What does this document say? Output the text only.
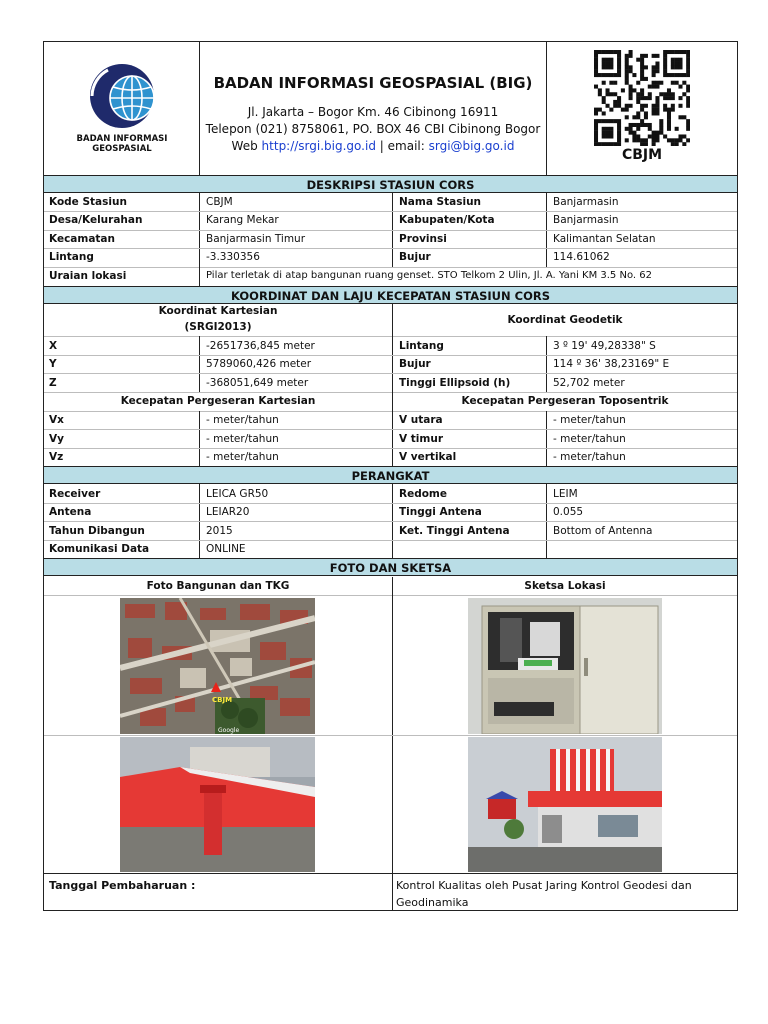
BADAN INFORMASI
GEOSPASIAL
BADAN INFORMASI GEOSPASIAL (BIG)
Jl. Jakarta – Bogor Km. 46 Cibinong 16911
Telepon (021) 8758061, PO. BOX 46 CBI Cibinong Bogor
Web http://srgi.big.go.id | email: srgi@big.go.id
CBJM
DESKRIPSI STASIUN CORS
Kode Stasiun	CBJM	Nama Stasiun	Banjarmasin
Desa/Kelurahan	Karang Mekar	Kabupaten/Kota	Banjarmasin
Kecamatan	Banjarmasin Timur	Provinsi	Kalimantan Selatan
Lintang	-3.330356	Bujur	114.61062
Uraian lokasi	Pilar terletak di atap bangunan ruang genset. STO Telkom 2 Ulin, Jl. A. Yani KM 3.5 No. 62
KOORDINAT DAN LAJU KECEPATAN STASIUN CORS
Koordinat Kartesian
(SRGI2013)
Koordinat Geodetik
X	-2651736,845 meter	Lintang	3 º 19' 49,28338" S
Y	5789060,426 meter	Bujur	114 º 36' 38,23169" E
Z	-368051,649 meter	Tinggi Ellipsoid (h)	52,702 meter
Kecepatan Pergeseran Kartesian	Kecepatan Pergeseran Toposentrik
Vx	- meter/tahun	V utara	- meter/tahun
Vy	- meter/tahun	V timur	- meter/tahun
Vz	- meter/tahun	V vertikal	- meter/tahun
PERANGKAT
Receiver	LEICA GR50	Redome	LEIM
Antena	LEIAR20	Tinggi Antena	0.055
Tahun Dibangun	2015	Ket. Tinggi Antena	Bottom of Antenna
Komunikasi Data	ONLINE
FOTO DAN SKETSA
Foto Bangunan dan TKG	Sketsa Lokasi
CBJM
Google
Tanggal Pembaharuan :	Kontrol Kualitas oleh Pusat Jaring Kontrol Geodesi dan
Geodinamika
